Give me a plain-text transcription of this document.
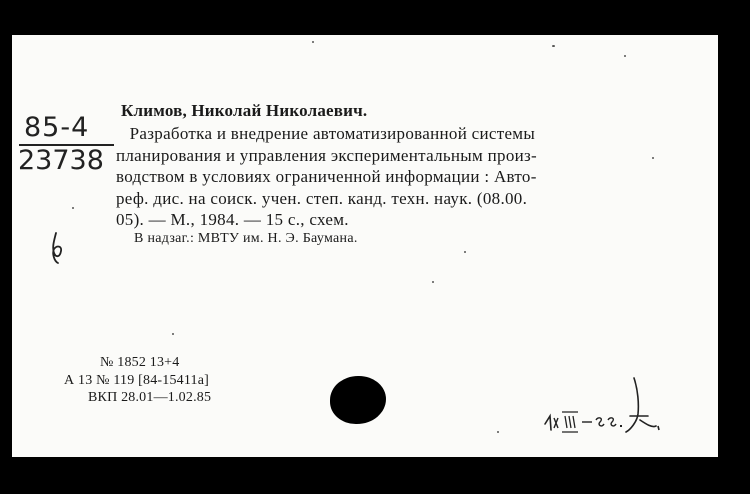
85-4
23738
Климов, Николай Николаевич.
Разработка и внедрение автоматизированной системы
планирования и управления экспериментальным произ-
водством в условиях ограниченной информации : Авто-
реф. дис. на соиск. учен. степ. канд. техн. наук. (08.00.
05). — М., 1984. — 15 с., схем.
В надзаг.: МВТУ им. Н. Э. Баумана.
№ 1852 13+4
А 13 № 119 [84-15411а]
ВКП 28.01—1.02.85
